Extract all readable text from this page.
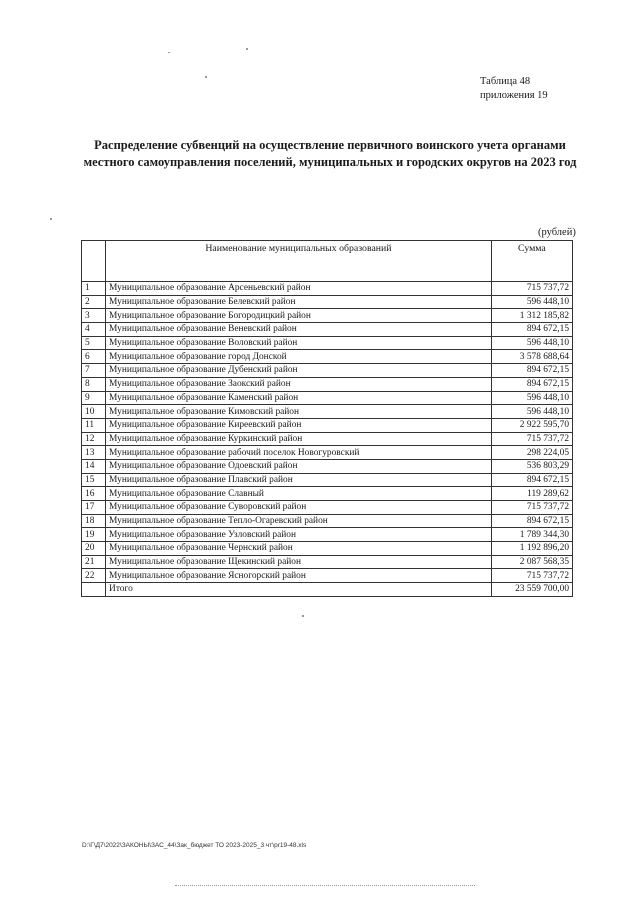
Таблица 48
приложения 19
Распределение субвенций на осуществление первичного воинского учета органами местного самоуправления поселений, муниципальных и городских округов на 2023 год
(рублей)
	Наименование муниципальных образований	Сумма
1	Муниципальное образование Арсеньевский район	715 737,72
2	Муниципальное образование Белевский район	596 448,10
3	Муниципальное образование Богородицкий район	1 312 185,82
4	Муниципальное образование Веневский район	894 672,15
5	Муниципальное образование Воловский район	596 448,10
6	Муниципальное образование город Донской	3 578 688,64
7	Муниципальное образование Дубенский район	894 672,15
8	Муниципальное образование Заокский район	894 672,15
9	Муниципальное образование Каменский район	596 448,10
10	Муниципальное образование Кимовский район	596 448,10
11	Муниципальное образование Киреевский район	2 922 595,70
12	Муниципальное образование Куркинский район	715 737,72
13	Муниципальное образование рабочий поселок Новогуровский	298 224,05
14	Муниципальное образование Одоевский район	536 803,29
15	Муниципальное образование Плавский район	894 672,15
16	Муниципальное образование Славный	119 289,62
17	Муниципальное образование Суворовский район	715 737,72
18	Муниципальное образование Тепло-Огаревский район	894 672,15
19	Муниципальное образование Узловский район	1 789 344,30
20	Муниципальное образование Чернский район	1 192 896,20
21	Муниципальное образование Щекинский район	2 087 568,35
22	Муниципальное образование Ясногорский район	715 737,72
	Итого	23 559 700,00
D:\Г\Д7\2022\ЗАКОНЫ\ЗАС_44\Зак_бюджет ТО 2023-2025_3 чт\pr19-48.xls
